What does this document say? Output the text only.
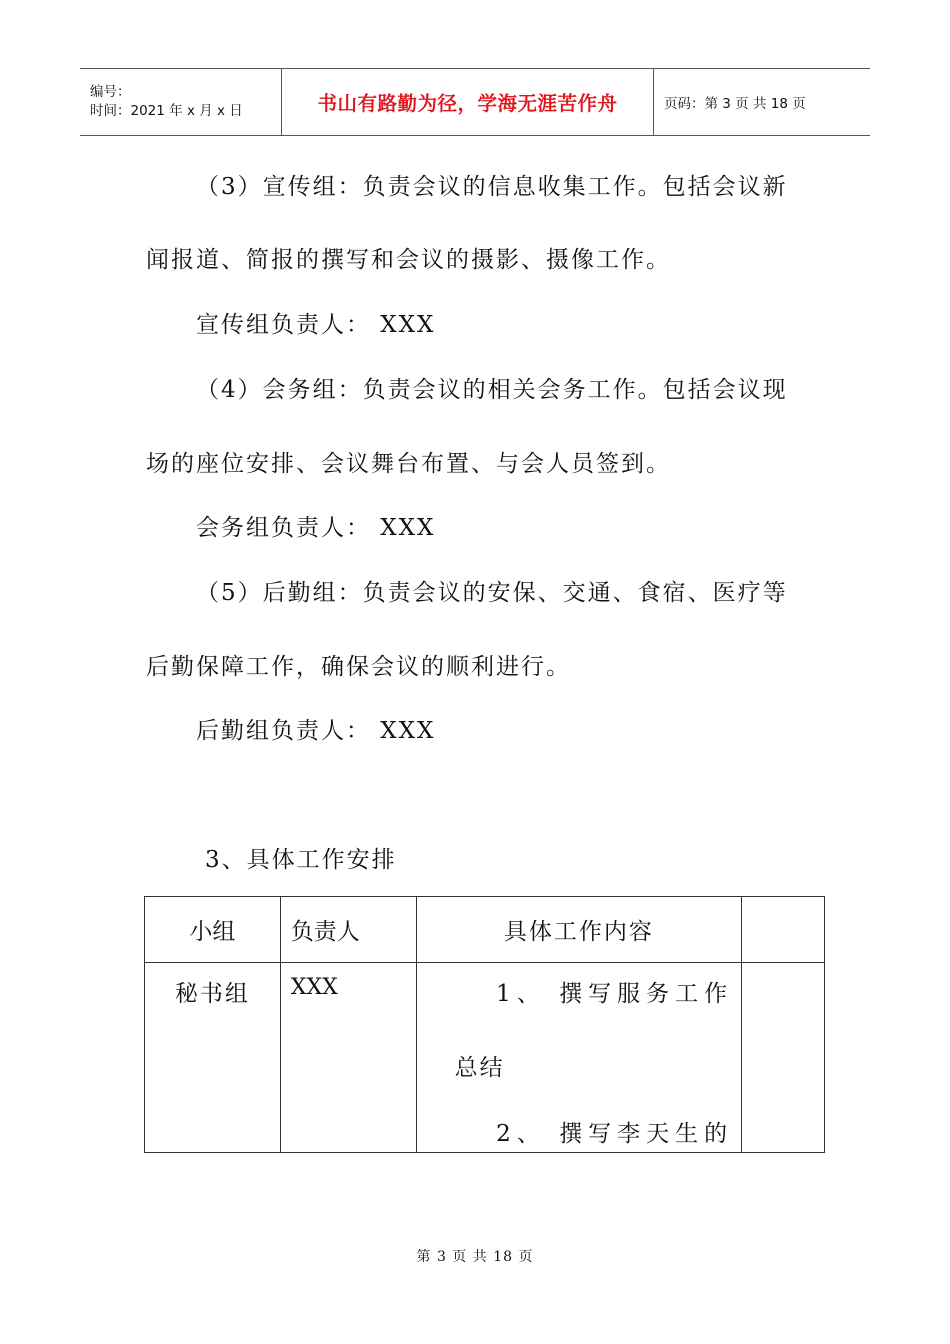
编号：
时间：2021 年 x 月 x 日	书山有路勤为径，学海无涯苦作舟	页码：第 3 页 共 18 页
（3）宣传组：负责会议的信息收集工作。包括会议新
闻报道、简报的撰写和会议的摄影、摄像工作。
宣传组负责人： XXX
（4）会务组：负责会议的相关会务工作。包括会议现
场的座位安排、会议舞台布置、与会人员签到。
会务组负责人： XXX
（5）后勤组：负责会议的安保、交通、食宿、医疗等
后勤保障工作，确保会议的顺利进行。
后勤组负责人： XXX
3、具体工作安排
小组	负责人	具体工作内容	
秘书组	XXX	1、 撰写服务工作
总结
2、 撰写李天生的	

第 3 页 共 18 页
